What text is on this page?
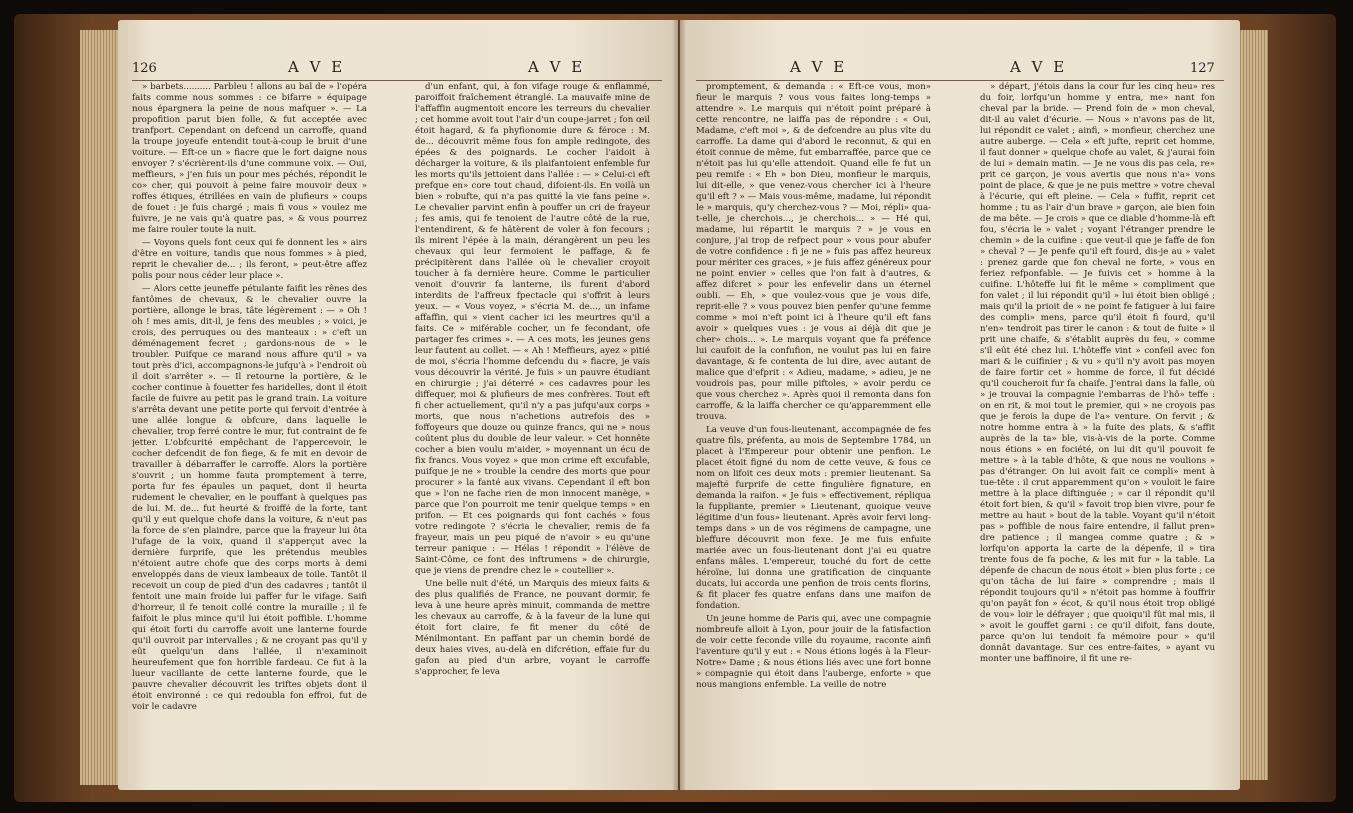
126	A V E	A V E

» barbets.......... Parbleu ! allons au bal de » l'opéra faits comme nous sommes : ce bifarre » équipage nous épargnera la peine de nous mafquer ». — La propofition parut bien folle, & fut acceptée avec tranfport. Cependant on defcend un carroffe, quand la troupe joyeufe entendit tout-à-coup le bruit d'une voiture. — Eft-ce un » fiacre que le fort daigne nous envoyer ? s'écrièrent-ils d'une commune voix. — Oui, meffieurs, » j'en fuis un pour mes péchés, répondit le co» cher, qui pouvoit à peine faire mouvoir deux » roffes étiques, étrillées en vain de plufieurs » coups de fouet : je fuis chargé ; mais fi vous » voulez me fuivre, je ne vais qu'à quatre pas, » & vous pourrez me faire rouler toute la nuit.

— Voyons quels font ceux qui fe donnent les » airs d'être en voiture, tandis que nous fommes » à pied, reprit le chevalier de... ; ils feront, » peut-être affez polis pour nous céder leur place ».

— Alors cette jeuneffe pétulante faifit les rênes des fantômes de chevaux, & le chevalier ouvre la portière, allonge le bras, tâte légèrement : — » Oh ! oh ! mes amis, dit-il, je fens des meubles ; » voici, je crois, des perruques ou des manteaux : » c'eft un déménagement fecret ; gardons-nous de » le troubler. Puifque ce marand nous affure qu'il » va tout près d'ici, accompagnons-le jufqu'à » l'endroit où il doit s'arrêter ». — Il retourne la portière, & le cocher continue à fouetter fes haridelles, dont il étoit facile de fuivre au petit pas le grand train. La voiture s'arrêta devant une petite porte qui fervoit d'entrée à une allée longue & obfcure, dans laquelle le chevalier, trop ferré contre le mur, fut contraint de fe jetter. L'obfcurité empêchant de l'appercevoir, le cocher defcendit de fon fiege, & fe mit en devoir de travailler à débarraffer le carroffe. Alors la portière s'ouvrit ; un homme fauta promptement à terre, porta fur fes épaules un paquet, dont il heurta rudement le chevalier, en le pouffant à quelques pas de lui. M. de... fut heurté & froiffé de la forte, tant qu'il y eut quelque chofe dans la voiture, & n'eut pas la force de s'en plaindre, parce que la frayeur lui ôta l'ufage de la voix, quand il s'apperçut avec la dernière furprife, que les prétendus meubles n'étoient autre chofe que des corps morts à demi enveloppés dans de vieux lambeaux de toile. Tantôt il recevoit un coup de pied d'un des cadavres ; tantôt il fentoit une main froide lui paffer fur le vifage. Saifi d'horreur, il fe tenoit collé contre la muraille ; il fe faifoit le plus mince qu'il lui étoit poffible. L'homme qui étoit forti du carroffe avoit une lanterne fourde qu'il ouvroit par intervalles ; & ne croyant pas qu'il y eût quelqu'un dans l'allée, il n'examinoit heureufement que fon horrible fardeau. Ce fut à la lueur vacillante de cette lanterne fourde, que le pauvre chevalier découvrit les triftes objets dont il étoit environné : ce qui redoubla fon effroi, fut de voir le cadavre

d'un enfant, qui, à fon vifage rouge & enflammé, paroiffoit fraîchement étranglé. La mauvaife mine de l'affaffin augmentoit encore les terreurs du chevalier ; cet homme avoit tout l'air d'un coupe-jarret ; fon œil étoit hagard, & fa phyfionomie dure & féroce : M. de... découvrit même fous fon ample redingote, des épées & des poignards. Le cocher l'aidoit à décharger la voiture, & ils plaifantoient enfemble fur les morts qu'ils jettoient dans l'allée : — » Celui-ci eft prefque en» core tout chaud, difoient-ils. En voilà un bien » robufte, qui n'a pas quitté la vie fans peine ». Le chevalier parvint enfin à pouffer un cri de frayeur ; fes amis, qui fe tenoient de l'autre côté de la rue, l'entendirent, & fe hâtèrent de voler à fon fecours ; ils mirent l'épée à la main, dérangèrent un peu les chevaux qui leur fermoient le paffage, & fe précipitèrent dans l'allée où le chevalier croyoit toucher à fa dernière heure. Comme le particulier venoit d'ouvrir fa lanterne, ils furent d'abord interdits de l'affreux fpectacle qui s'offrit à leurs yeux. — « Vous voyez, » s'écria M. de..., un infame affaffin, qui » vient cacher ici les meurtres qu'il a faits. Ce » miférable cocher, un fe fecondant, ofe partager fes crimes ». — A ces mots, les jeunes gens leur fautent au collet. — « Ah ! Meffieurs, ayez » pitié de moi, s'écria l'homme defcendu du » fiacre, je vais vous découvrir la vérité. Je fuis » un pauvre étudiant en chirurgie ; j'ai déterré » ces cadavres pour les diffequer, moi & plufieurs de mes confrères. Tout eft fi cher actuellement, qu'il n'y a pas jufqu'aux corps » morts, que nous n'achetions autrefois des » foffoyeurs que douze ou quinze francs, qui ne » nous coûtent plus du double de leur valeur. » Cet honnête cocher a bien voulu m'aider, » moyennant un écu de fix francs. Vous voyez » que mon crime eft excufable, puifque je ne » trouble la cendre des morts que pour procurer » la fanté aux vivans. Cependant il eft bon que » l'on ne fache rien de mon innocent manège, » parce que l'on pourroit me tenir quelque temps » en prifon. — Et ces poignards qui font cachés » fous votre redingote ? s'écria le chevalier, remis de fa frayeur, mais un peu piqué de n'avoir » eu qu'une terreur panique : — Hélas ! répondit » l'élève de Saint-Côme, ce font des inftrumens » de chirurgie, que je viens de prendre chez le » coutellier ».

Une belle nuit d'été, un Marquis des mieux faits & des plus qualifiés de France, ne pouvant dormir, fe leva à une heure après minuit, commanda de mettre les chevaux au carroffe, & à la faveur de la lune qui étoit fort claire, fe fit mener du côté de Ménilmontant. En paffant par un chemin bordé de deux haies vives, au-delà en difcrétion, effaie fur du gafon au pied d'un arbre, voyant le carroffe s'approcher, fe leva

A V E	A V E	127

promptement, & demanda : « Eft-ce vous, mon» fieur le marquis ? vous vous faites long-temps » attendre ». Le marquis qui n'étoit point préparé à cette rencontre, ne laiffa pas de répondre : « Oui, Madame, c'eft moi », & de defcendre au plus vîte du carroffe. La dame qui d'abord le reconnut, & qui en étoit connue de même, fut embarraffée, parce que ce n'étoit pas lui qu'elle attendoit. Quand elle fe fut un peu remife : « Eh » bon Dieu, monfieur le marquis, lui dit-elle, » que venez-vous chercher ici à l'heure qu'il eft ? » — Mais vous-même, madame, lui répondit le » marquis, qu'y cherchez-vous ? — Moi, répli» qua-t-elle, je cherchois..., je cherchois... » — Hé qui, madame, lui répartit le marquis ? » je vous en conjure, j'ai trop de refpect pour » vous pour abufer de votre confidence : fi je ne » fuis pas affez heureux pour mériter ces graces, » je fuis affez généreux pour ne point envier » celles que l'on fait à d'autres, & affez difcret » pour les enfevelir dans un éternel oubli. — Eh, » que voulez-vous que je vous dife, reprit-elle ? » vous pouvez bien penfer qu'une femme comme » moi n'eft point ici à l'heure qu'il eft fans avoir » quelques vues : je vous ai déjà dit que je cher» chois... ». Le marquis voyant que fa préfence lui caufoit de la confufion, ne voulut pas lui en faire davantage, & fe contenta de lui dire, avec autant de malice que d'efprit : « Adieu, madame, » adieu, je ne voudrois pas, pour mille piftoles, » avoir perdu ce que vous cherchez ». Après quoi il remonta dans fon carroffe, & la laiffa chercher ce qu'apparemment elle trouva.

La veuve d'un fous-lieutenant, accompagnée de fes quatre fils, préfenta, au mois de Septembre 1784, un placet à l'Empereur pour obtenir une penfion. Le placet étoit figné du nom de cette veuve, & fous ce nom on lifoit ces deux mots : premier lieutenant. Sa majefté furprife de cette fingulière fignature, en demanda la raifon. « Je fuis » effectivement, répliqua la fuppliante, premier » Lieutenant, quoique veuve légitime d'un fous» lieutenant. Après avoir fervi long-temps dans » un de vos régimens de campagne, une bleffure découvrit mon fexe. Je me fuis enfuite mariée avec un fous-lieutenant dont j'ai eu quatre enfans mâles. L'empereur, touché du fort de cette héroïne, lui donna une gratification de cinquante ducats, lui accorda une penfion de trois cents florins, & fit placer fes quatre enfans dans une maifon de fondation.

Un jeune homme de Paris qui, avec une compagnie nombreufe alloit à Lyon, pour jouir de la fatisfaction de voir cette feconde ville du royaume, raconte ainfi l'aventure qu'il y eut : « Nous étions logés à la Fleur-Notre» Dame ; & nous étions liés avec une fort bonne » compagnie qui étoit dans l'auberge, enforte » que nous mangions enfemble. La veille de notre

» départ, j'étois dans la cour fur les cinq heu» res du foir, lorfqu'un homme y entra, me» nant fon cheval par la bride. — Prend foin de » mon cheval, dit-il au valet d'écurie. — Nous » n'avons pas de lit, lui répondit ce valet ; ainfi, » monfieur, cherchez une autre auberge. — Cela » eft jufte, reprit cet homme, il faut donner » quelque chofe au valet, & j'aurai foin de lui » demain matin. — Je ne vous dis pas cela, re» prit ce garçon, je vous avertis que nous n'a» vons point de place, & que je ne puis mettre » votre cheval à l'écurie, qui eft pleine. — Cela » fuffit, reprit cet homme ; tu as l'air d'un brave » garçon, aie bien foin de ma bête. — Je crois » que ce diable d'homme-là eft fou, s'écria le » valet ; voyant l'étranger prendre le chemin » de la cuifine : que veut-il que je faffe de fon » cheval ? — Je penfe qu'il eft fourd, dis-je au » valet : prenez garde que fon cheval ne forte, » vous en feriez refponfable. — Je fuivis cet » homme à la cuifine. L'hôteffe lui fit le même » compliment que fon valet ; il lui répondit qu'il » lui étoit bien obligé ; mais qu'il la prioit de » ne point fe fatiguer à lui faire des compli» mens, parce qu'il étoit fi fourd, qu'il n'en» tendroit pas tirer le canon : & tout de fuite » il prit une chaife, & s'établit auprès du feu, » comme s'il eût été chez lui. L'hôteffe vint » confeil avec fon mari & le cuifinier ; & vu » qu'il n'y avoit pas moyen de faire fortir cet » homme de force, il fut décidé qu'il coucheroit fur fa chaife. J'entrai dans la falle, où » je trouvai la compagnie l'embarras de l'hô» teffe : on en rit, & moi tout le premier, qui » ne croyois pas que je ferois la dupe de l'a» venture. On fervit ; & notre homme entra à » la fuite des plats, & s'affit auprès de la ta» ble, vis-à-vis de la porte. Comme nous étions » en fociété, on lui dit qu'il pouvoit fe mettre » à la table d'hôte, & que nous ne voulions » pas d'étranger. On lui avoit fait ce compli» ment à tue-tête : il crut apparemment qu'on » vouloit le faire mettre à la place diftinguée ; » car il répondit qu'il étoit fort bien, & qu'il » favoit trop bien vivre, pour fe mettre au haut » bout de la table. Voyant qu'il n'étoit pas » poffible de nous faire entendre, il fallut pren» dre patience ; il mangea comme quatre ; & » lorfqu'on apporta la carte de la dépenfe, il » tira trente fous de fa poche, & les mit fur » la table. La dépenfe de chacun de nous étoit » bien plus forte ; ce qu'on tâcha de lui faire » comprendre ; mais il répondit toujours qu'il » n'étoit pas homme à fouffrir qu'on payât fon » écot, & qu'il nous étoit trop obligé de vou» loir le défrayer ; que quoiqu'il fût mal mis, il » avoit le gouffet garni : ce qu'il difoit, fans doute, parce qu'on lui tendoit fa mémoire pour » qu'il donnât davantage. Sur ces entre-faites, » ayant vu monter une baffinoire, il fit une re-
